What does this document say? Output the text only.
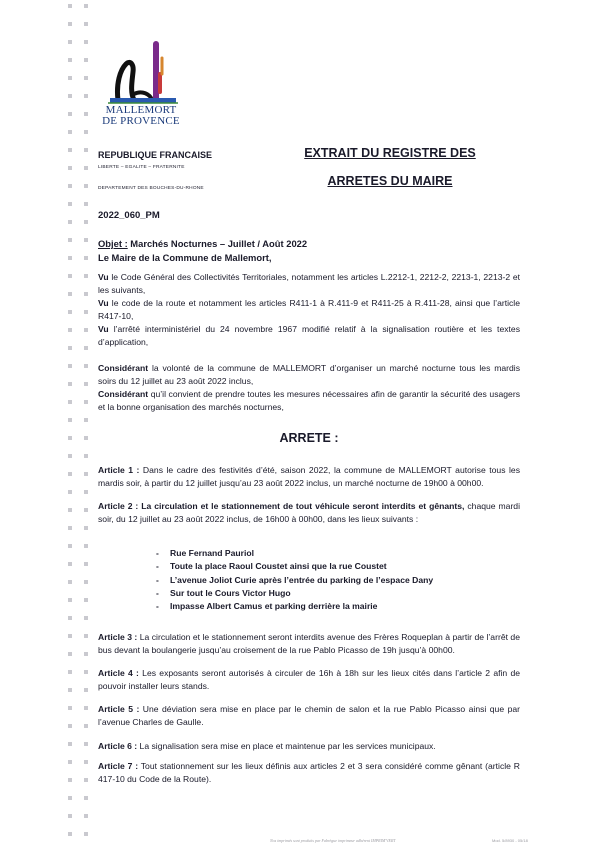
MALLEMORT
DE PROVENCE
REPUBLIQUE FRANCAISE
LIBERTE – EGALITE – FRATERNITE
DEPARTEMENT DES BOUCHES-DU-RHONE
2022_060_PM
EXTRAIT DU REGISTRE DES
ARRETES DU MAIRE
Objet : Marchés Nocturnes – Juillet / Août 2022
Le Maire de la Commune de Mallemort,
Vu le Code Général des Collectivités Territoriales, notamment les articles L.2212-1, 2212-2, 2213-1, 2213-2 et les suivants,
Vu le code de la route et notamment les articles R411-1 à R.411-9 et R411-25 à R.411-28, ainsi que l’article R417-10,
Vu l’arrêté interministériel du 24 novembre 1967 modifié relatif à la signalisation routière et les textes d’application,
Considérant la volonté de la commune de MALLEMORT d’organiser un marché nocturne tous les mardis soirs du 12 juillet au 23 août 2022 inclus,
Considérant qu’il convient de prendre toutes les mesures nécessaires afin de garantir la sécurité des usagers et la bonne organisation des marchés nocturnes,
ARRETE :
Article 1 : Dans le cadre des festivités d’été, saison 2022, la commune de MALLEMORT autorise tous les mardis soir, à partir du 12 juillet jusqu’au 23 août 2022 inclus, un marché nocturne de 19h00 à 00h00.
Article 2 : La circulation et le stationnement de tout véhicule seront interdits et gênants, chaque mardi soir, du 12 juillet au 23 août 2022 inclus, de 16h00 à 00h00, dans les lieux suivants :
- Rue Fernand Pauriol
- Toute la place Raoul Coustet ainsi que la rue Coustet
- L’avenue Joliot Curie après l’entrée du parking de l’espace Dany
- Sur tout le Cours Victor Hugo
- Impasse Albert Camus et parking derrière la mairie
Article 3 : La circulation et le stationnement seront interdits avenue des Frères Roqueplan à partir de l’arrêt de bus devant la boulangerie jusqu’au croisement de la rue Pablo Picasso de 19h jusqu’à 00h00.
Article 4 : Les exposants seront autorisés à circuler de 16h à 18h sur les lieux cités dans l’article 2 afin de pouvoir installer leurs stands.
Article 5 : Une déviation sera mise en place par le chemin de salon et la rue Pablo Picasso ainsi que par l’avenue Charles de Gaulle.
Article 6 : La signalisation sera mise en place et maintenue par les services municipaux.
Article 7 : Tout stationnement sur les lieux définis aux articles 2 et 3 sera considéré comme gênant (article R 417-10 du Code de la Route).
Nos imprimés sont produits par Fabrègue imprimeur adhérent IMPRIM'VERT	Mod. 5/8930 - 05/18
